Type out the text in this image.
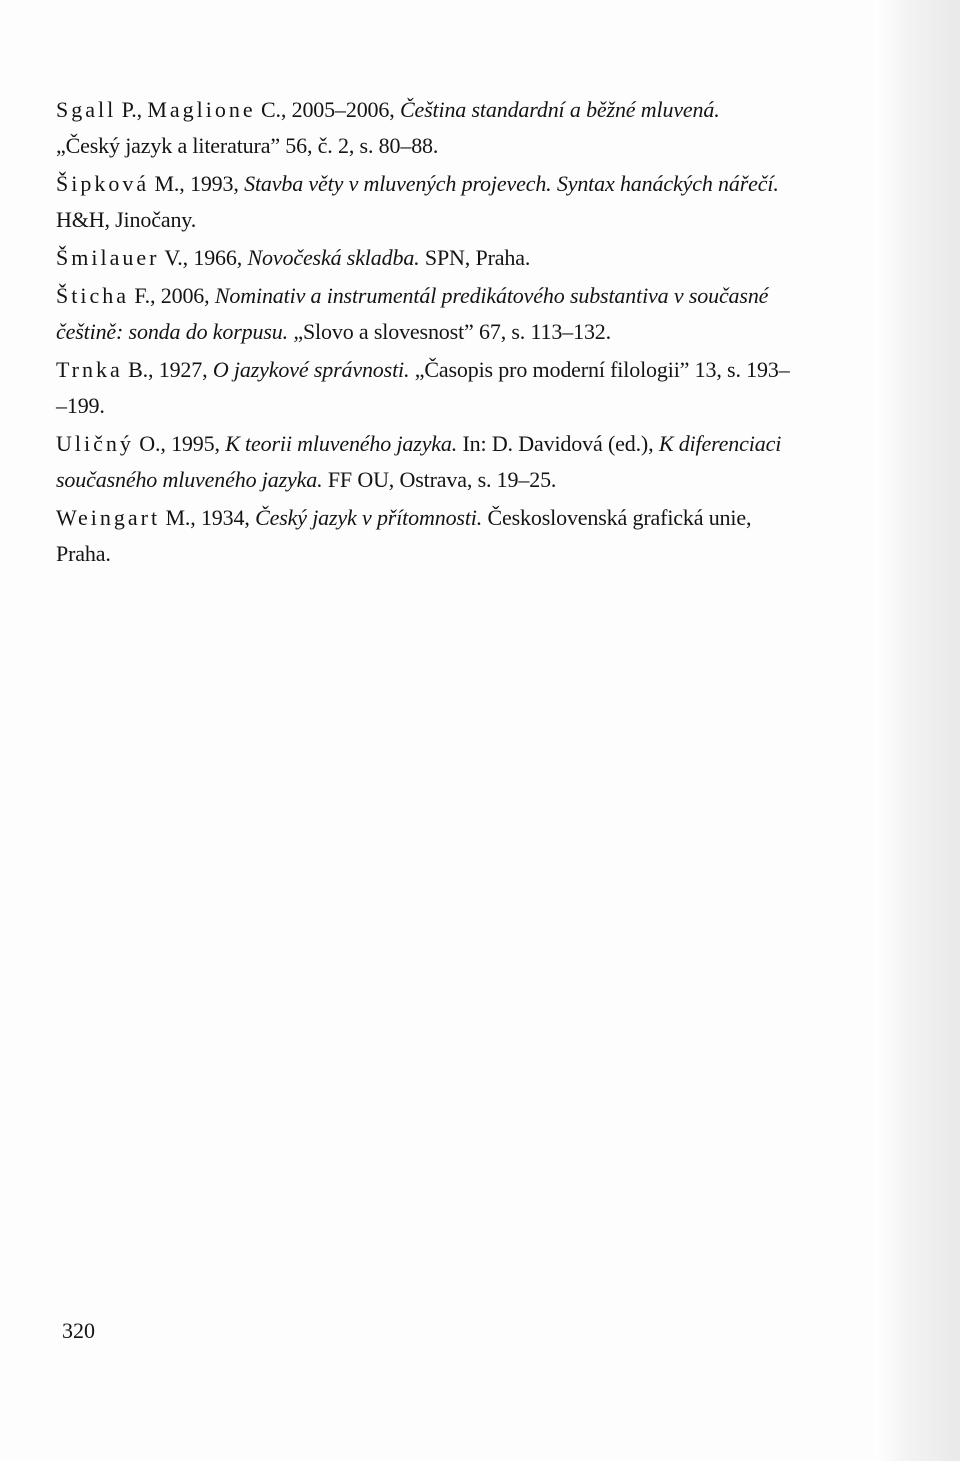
Sgall P., Maglione C., 2005–2006, Čeština standardní a běžné mluvená.
„Český jazyk a literatura” 56, č. 2, s. 80–88.

Šipková M., 1993, Stavba věty v mluvených projevech. Syntax hanáckých nářečí.
H&H, Jinočany.

Šmilauer V., 1966, Novočeská skladba. SPN, Praha.

Šticha F., 2006, Nominativ a instrumentál predikátového substantiva v současné
češtině: sonda do korpusu. „Slovo a slovesnost” 67, s. 113–132.

Trnka B., 1927, O jazykové správnosti. „Časopis pro moderní filologii” 13, s. 193–
–199.

Uličný O., 1995, K teorii mluveného jazyka. In: D. Davidová (ed.), K diferenciaci
současného mluveného jazyka. FF OU, Ostrava, s. 19–25.

Weingart M., 1934, Český jazyk v přítomnosti. Československá grafická unie,
Praha.

320
